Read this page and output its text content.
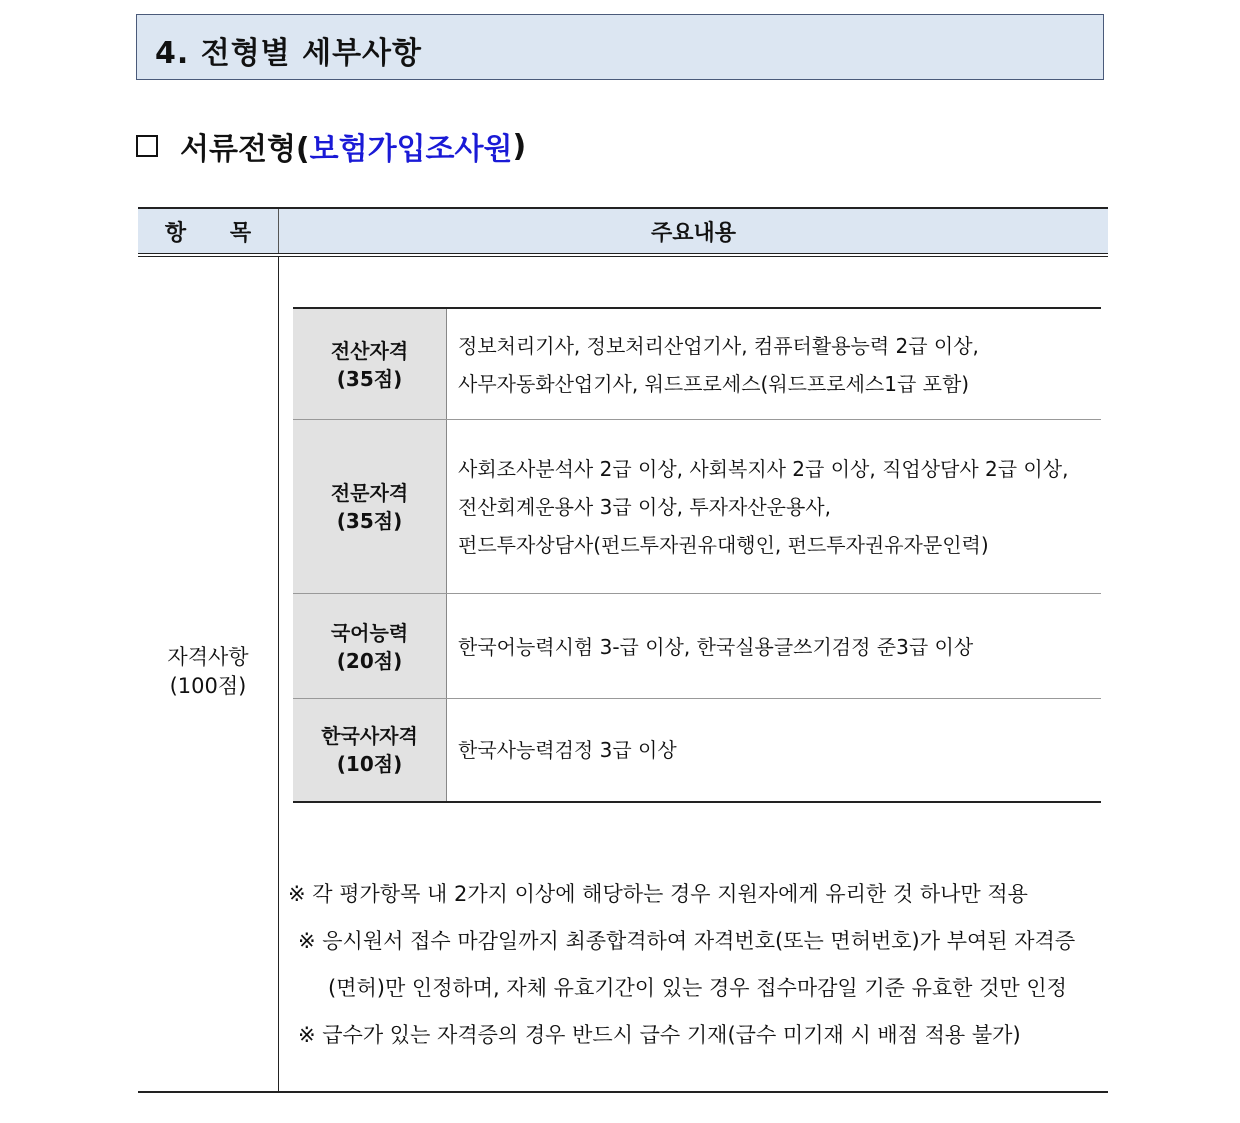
4. 전형별 세부사항
서류전형( 보험가입조사원 )
항 목	주요내용
자격사항
(100점)
전산자격
(35점)
정보처리기사, 정보처리산업기사, 컴퓨터활용능력 2급 이상,
사무자동화산업기사, 워드프로세스(워드프로세스1급 포함)
전문자격
(35점)
사회조사분석사 2급 이상, 사회복지사 2급 이상, 직업상담사 2급 이상,
전산회계운용사 3급 이상, 투자자산운용사,
펀드투자상담사(펀드투자권유대행인, 펀드투자권유자문인력)
국어능력
(20점)
한국어능력시험 3-급 이상, 한국실용글쓰기검정 준3급 이상
한국사자격
(10점)
한국사능력검정 3급 이상
※ 각 평가항목 내 2가지 이상에 해당하는 경우 지원자에게 유리한 것 하나만 적용
※ 응시원서 접수 마감일까지 최종합격하여 자격번호(또는 면허번호)가 부여된 자격증
(면허)만 인정하며, 자체 유효기간이 있는 경우 접수마감일 기준 유효한 것만 인정
※ 급수가 있는 자격증의 경우 반드시 급수 기재(급수 미기재 시 배점 적용 불가)
